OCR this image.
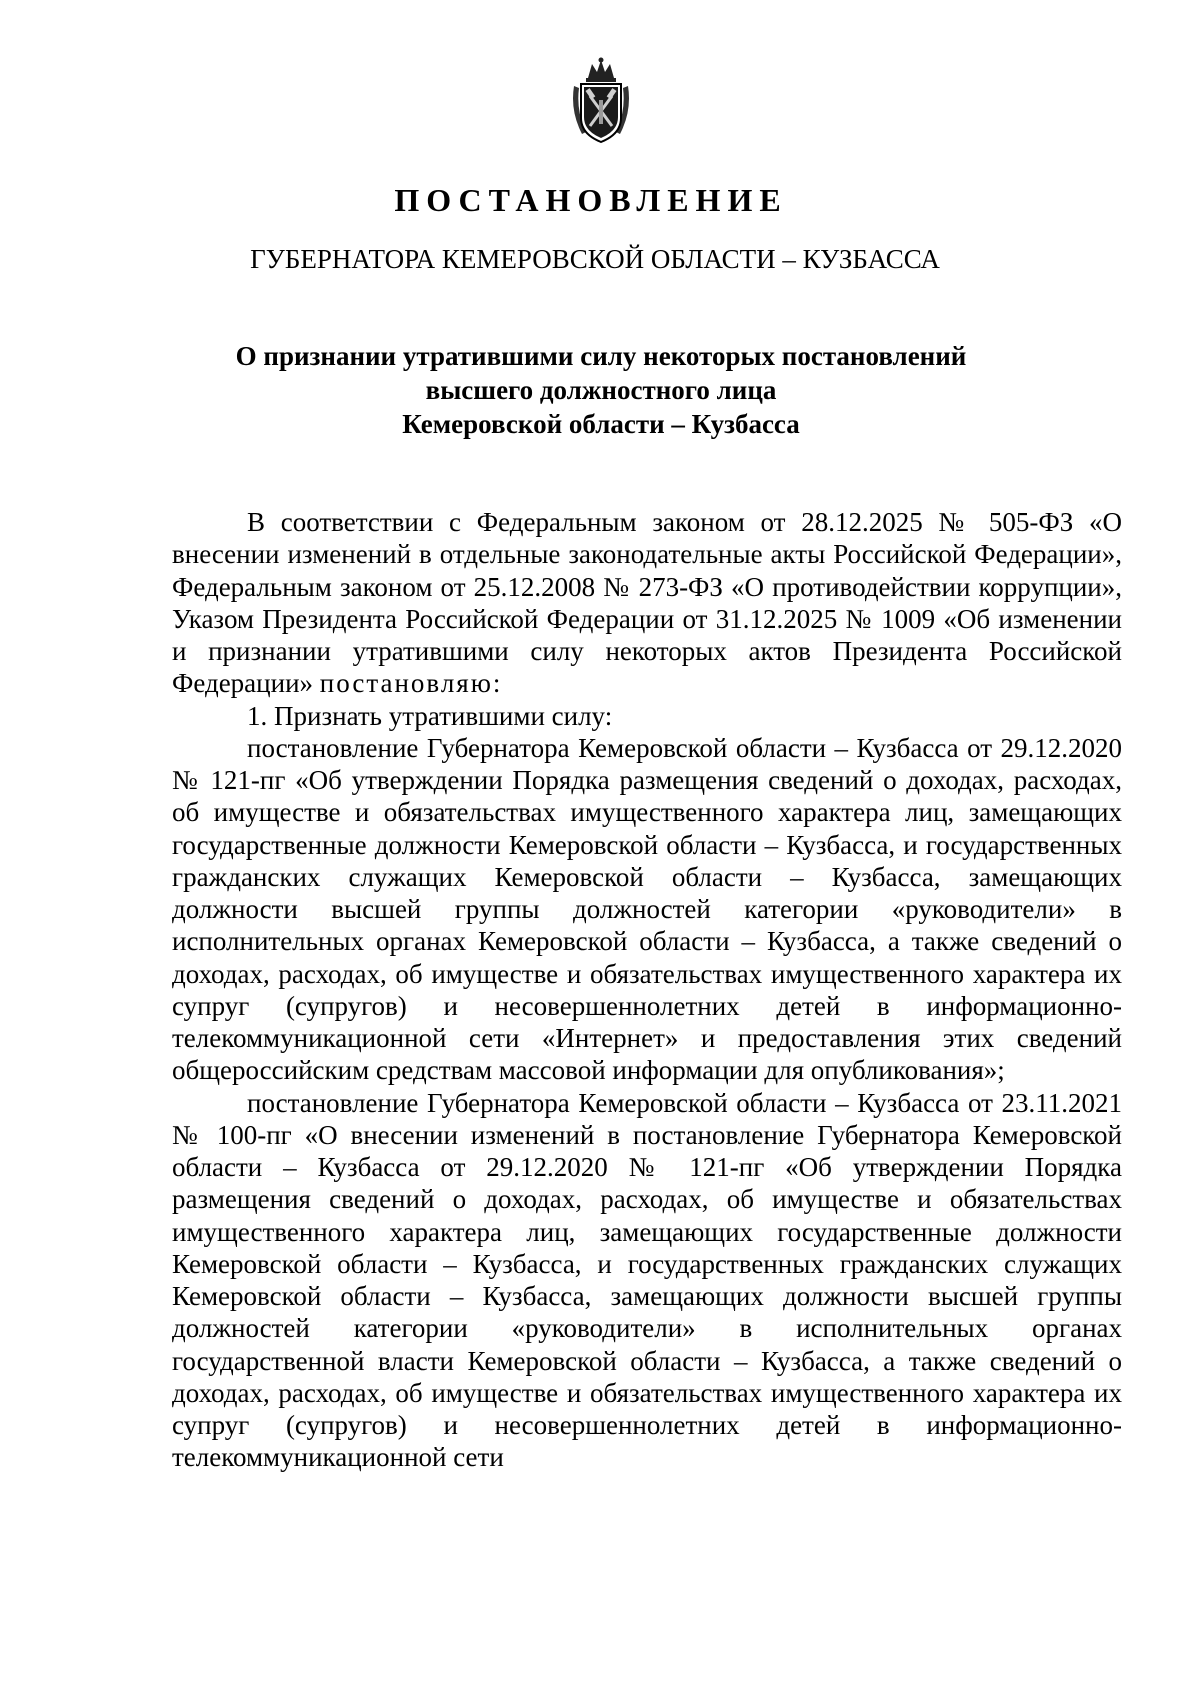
ПОСТАНОВЛЕНИЕ
ГУБЕРНАТОРА КЕМЕРОВСКОЙ ОБЛАСТИ – КУЗБАССА
О признании утратившими силу некоторых постановлений
высшего должностного лица
Кемеровской области – Кузбасса

В соответствии с Федеральным законом от 28.12.2025 № 505-ФЗ «О внесении изменений в отдельные законодательные акты Российской Федерации», Федеральным законом от 25.12.2008 № 273-ФЗ «О противодействии коррупции», Указом Президента Российской Федерации от 31.12.2025 № 1009 «Об изменении и признании утратившими силу некоторых актов Президента Российской Федерации» постановляю:

1. Признать утратившими силу:

постановление Губернатора Кемеровской области – Кузбасса от 29.12.2020 № 121-пг «Об утверждении Порядка размещения сведений о доходах, расходах, об имуществе и обязательствах имущественного характера лиц, замещающих государственные должности Кемеровской области – Кузбасса, и государственных гражданских служащих Кемеровской области – Кузбасса, замещающих должности высшей группы должностей категории «руководители» в исполнительных органах Кемеровской области – Кузбасса, а также сведений о доходах, расходах, об имуществе и обязательствах имущественного характера их супруг (супругов) и несовершеннолетних детей в информационно-телекоммуникационной сети «Интернет» и предоставления этих сведений общероссийским средствам массовой информации для опубликования»;

постановление Губернатора Кемеровской области – Кузбасса от 23.11.2021 № 100-пг «О внесении изменений в постановление Губернатора Кемеровской области – Кузбасса от 29.12.2020 № 121-пг «Об утверждении Порядка размещения сведений о доходах, расходах, об имуществе и обязательствах имущественного характера лиц, замещающих государственные должности Кемеровской области – Кузбасса, и государственных гражданских служащих Кемеровской области – Кузбасса, замещающих должности высшей группы должностей категории «руководители» в исполнительных органах государственной власти Кемеровской области – Кузбасса, а также сведений о доходах, расходах, об имуществе и обязательствах имущественного характера их супруг (супругов) и несовершеннолетних детей в информационно-телекоммуникационной сети
